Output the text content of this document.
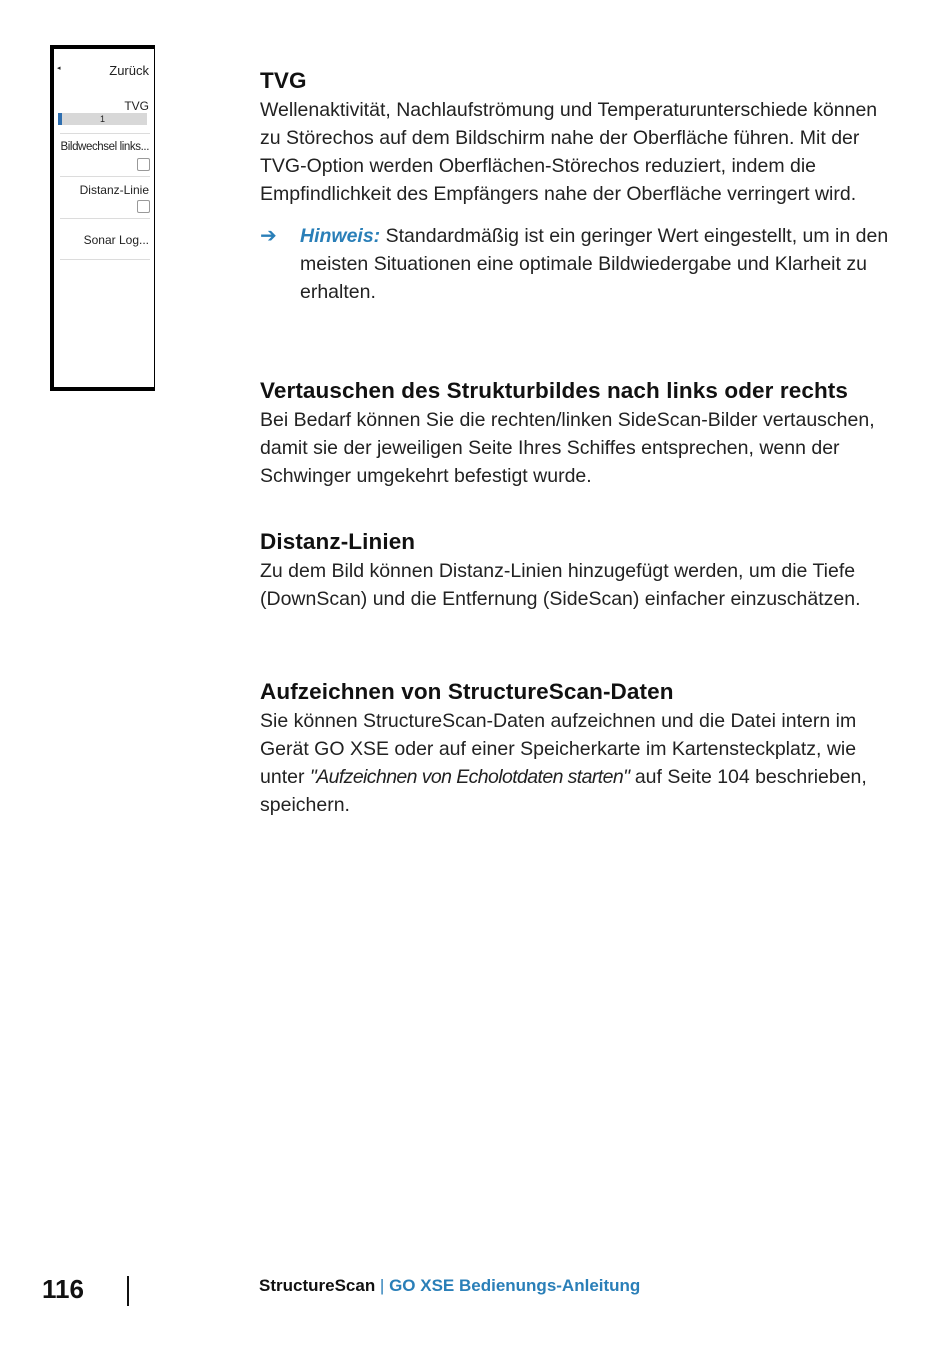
◂	Zurück
TVG
1
Bildwechsel links...
Distanz-Linie
Sonar Log...
TVG

Wellenaktivität, Nachlaufströmung und Temperaturunterschiede können zu Störechos auf dem Bildschirm nahe der Oberfläche führen. Mit der TVG-Option werden Oberflächen-Störechos reduziert, indem die Empfindlichkeit des Empfängers nahe der Oberfläche verringert wird.

➔ Hinweis: Standardmäßig ist ein geringer Wert eingestellt, um in den meisten Situationen eine optimale Bildwiedergabe und Klarheit zu erhalten.
Vertauschen des Strukturbildes nach links oder rechts

Bei Bedarf können Sie die rechten/linken SideScan-Bilder vertauschen, damit sie der jeweiligen Seite Ihres Schiffes entsprechen, wenn der Schwinger umgekehrt befestigt wurde.

Distanz-Linien

Zu dem Bild können Distanz-Linien hinzugefügt werden, um die Tiefe (DownScan) und die Entfernung (SideScan) einfacher einzuschätzen.

Aufzeichnen von StructureScan-Daten

Sie können StructureScan-Daten aufzeichnen und die Datei intern im Gerät GO XSE oder auf einer Speicherkarte im Kartensteckplatz, wie unter "Aufzeichnen von Echolotdaten starten" auf Seite 104 beschrieben, speichern.

116	StructureScan | GO XSE Bedienungs-Anleitung
